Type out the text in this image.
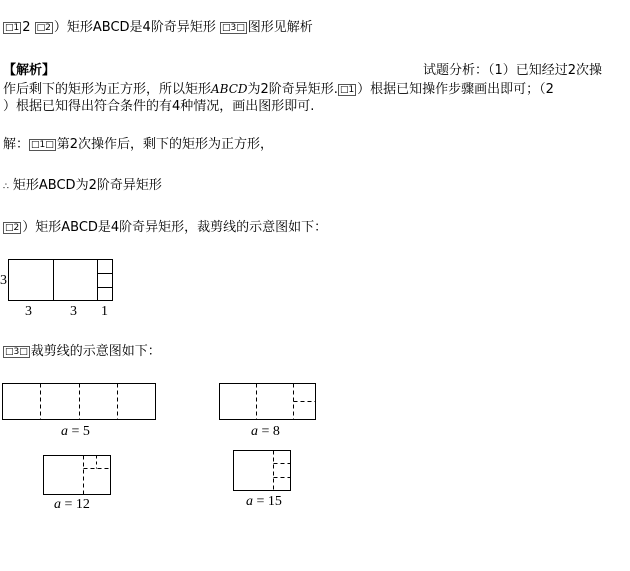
□1 2 □2 ）矩形ABCD是4阶奇异矩形 □3□ 图形见解析
【解析】	试题分析：（1）已知经过2次操
作后剩下的矩形为正方形，所以矩形ABCD为2阶奇异矩形. □1 ）根据已知操作步骤画出即可；（2
）根据已知得出符合条件的有4种情况，画出图形即可.
解： □1□ 第2次操作后，剩下的矩形为正方形，
∴ 矩形ABCD为2阶奇异矩形
□2 ）矩形ABCD是4阶奇异矩形，裁剪线的示意图如下：
3
3	3 1
□3□ 裁剪线的示意图如下：
a = 5	a = 8
a = 12	a = 15
